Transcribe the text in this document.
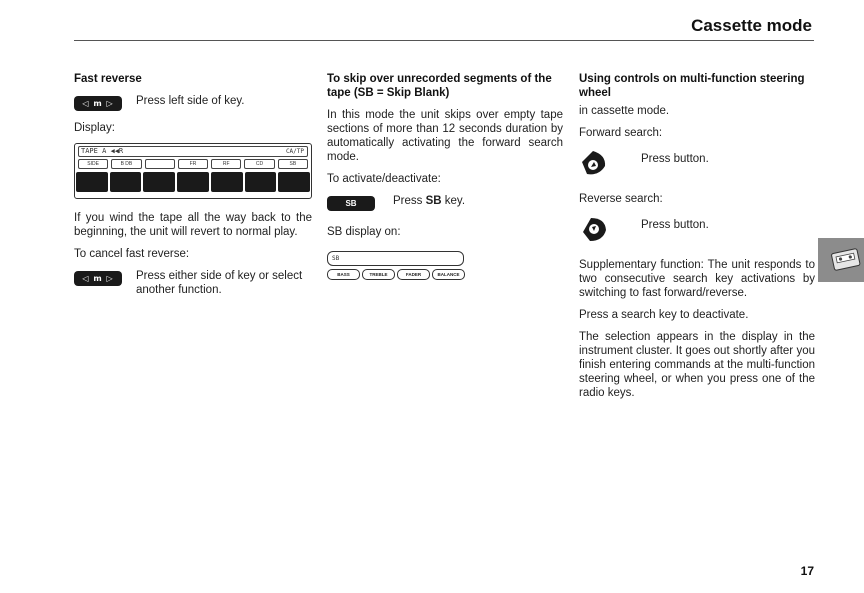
Cassette mode
Fast reverse
◁ m ▷ Press left side of key.

Display:

TAPE A ◀◀R	CA/TP
SIDE	B DB	FR	RF	CD	SB

If you wind the tape all the way back to the beginning, the unit will revert to normal play.

To cancel fast reverse:

◁ m ▷ Press either side of key or select another function.
To skip over unrecorded segments of the tape (SB = Skip Blank)

In this mode the unit skips over empty tape sections of more than 12 seconds duration by automatically activating the forward search mode.

To activate/deactivate:

SB	Press SB key.

SB display on:

SB
BASS	TREBLE	FADER	BALANCE
Using controls on multi-function steering wheel

in cassette mode.

Forward search:

Press button.

Reverse search:

Press button.

Supplementary function: The unit responds to two consecutive search key activations by switching to fast forward/reverse.

Press a search key to deactivate.

The selection appears in the display in the instrument cluster. It goes out shortly after you finish entering commands at the multi-function steering wheel, or when you press one of the radio keys.

17
